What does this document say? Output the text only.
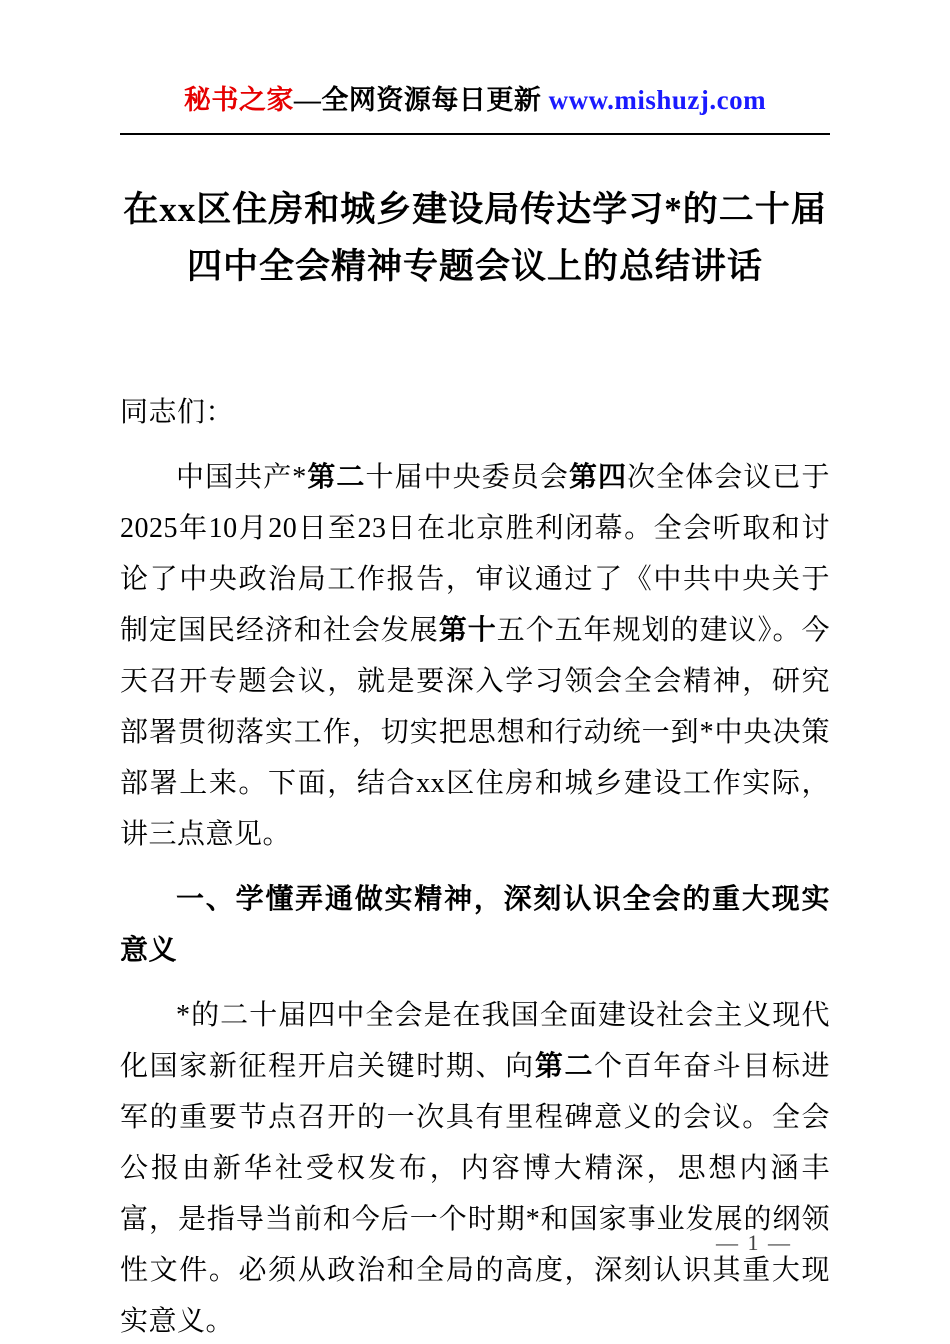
秘书之家—全网资源每日更新 www.mishuzj.com
在xx区住房和城乡建设局传达学习*的二十届
四中全会精神专题会议上的总结讲话

同志们：

中国共产*第二十届中央委员会第四次全体会议已于2025年10月20日至23日在北京胜利闭幕。全会听取和讨论了中央政治局工作报告，审议通过了《中共中央关于制定国民经济和社会发展第十五个五年规划的建议》。今天召开专题会议，就是要深入学习领会全会精神，研究部署贯彻落实工作，切实把思想和行动统一到*中央决策部署上来。下面，结合xx区住房和城乡建设工作实际，讲三点意见。

一、学懂弄通做实精神，深刻认识全会的重大现实意义

*的二十届四中全会是在我国全面建设社会主义现代化国家新征程开启关键时期、向第二个百年奋斗目标进军的重要节点召开的一次具有里程碑意义的会议。全会公报由新华社受权发布，内容博大精深，思想内涵丰富，是指导当前和今后一个时期*和国家事业发展的纲领性文件。必须从政治和全局的高度，深刻认识其重大现实意义。

— 1 —
